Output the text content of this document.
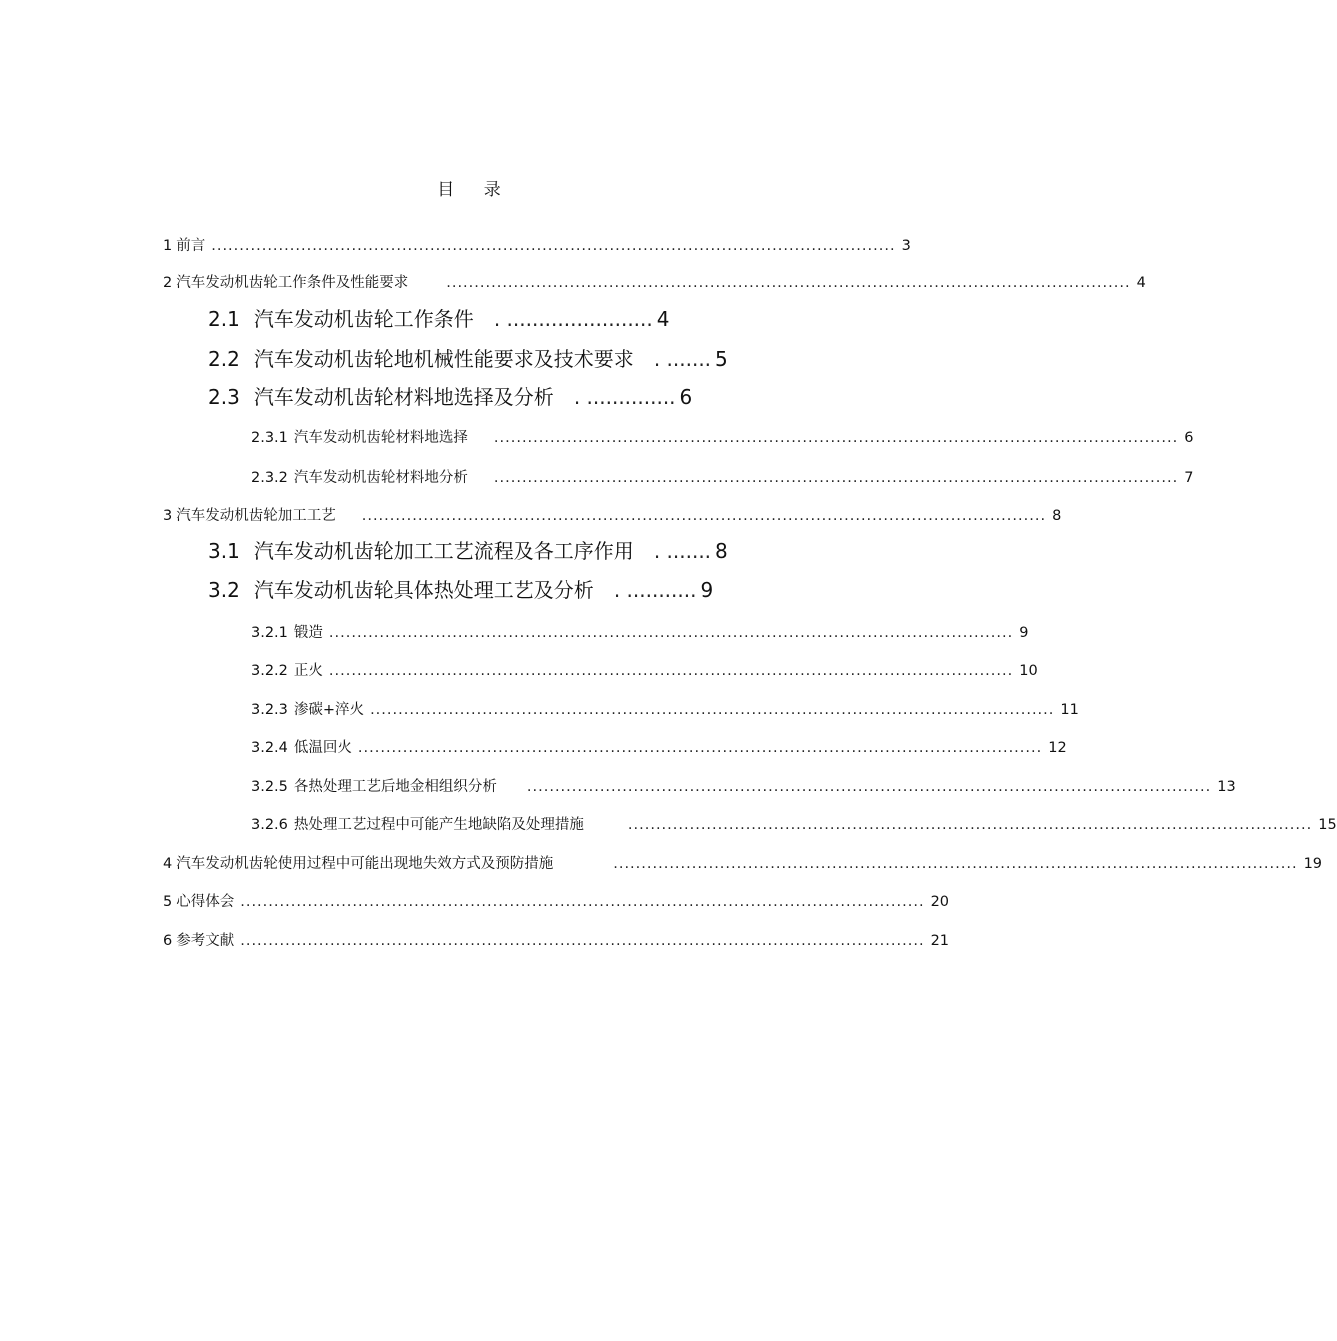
目 录
1 前言 .......................................................................................................................... 3
2 汽车发动机齿轮工作条件及性能要求	.......................................................................................................................... 4
2.1 汽车发动机齿轮工作条件 . ....................... 4
2.2 汽车发动机齿轮地机械性能要求及技术要求 . ....... 5
2.3 汽车发动机齿轮材料地选择及分析 . .............. 6
2.3.1 汽车发动机齿轮材料地选择 .......................................................................................................................... 6
2.3.2 汽车发动机齿轮材料地分析 .......................................................................................................................... 7
3 汽车发动机齿轮加工工艺 .......................................................................................................................... 8
3.1 汽车发动机齿轮加工工艺流程及各工序作用 . ....... 8
3.2 汽车发动机齿轮具体热处理工艺及分析 . ........... 9
3.2.1 锻造 .......................................................................................................................... 9
3.2.2 正火 .......................................................................................................................... 10
3.2.3 渗碳+淬火 .......................................................................................................................... 11
3.2.4 低温回火 .......................................................................................................................... 12
3.2.5 各热处理工艺后地金相组织分析 .......................................................................................................................... 13
3.2.6 热处理工艺过程中可能产生地缺陷及处理措施	.......................................................................................................................... 15
4 汽车发动机齿轮使用过程中可能出现地失效方式及预防措施	.......................................................................................................................... 19
5 心得体会 .......................................................................................................................... 20
6 参考文献 .......................................................................................................................... 21
